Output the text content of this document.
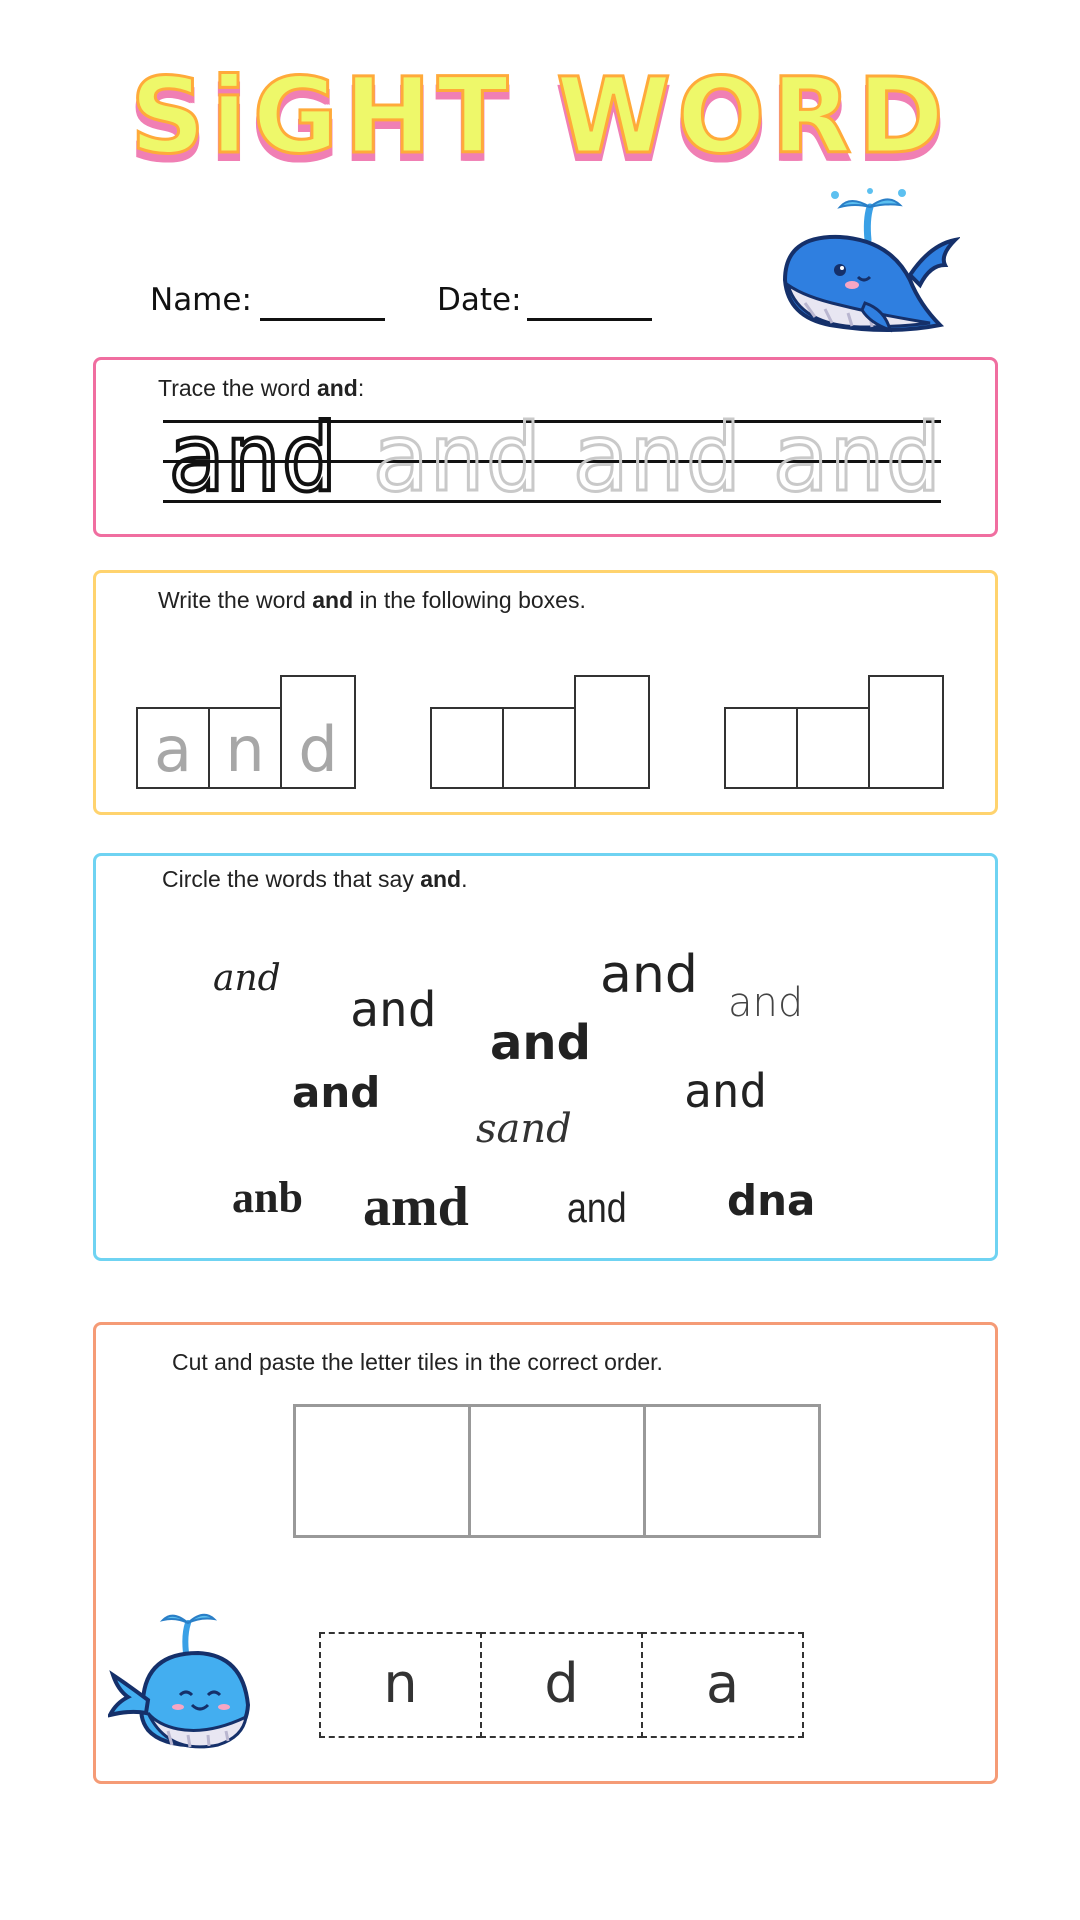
SiGHT WORD
Name:	Date:
Trace the word and:
and and and and
Write the word and in the following boxes.
a n d
Circle the words that say and.
and
and
and and
and
and
sand
and
anb amd and dna
Cut and paste the letter tiles in the correct order.
n	d	a
